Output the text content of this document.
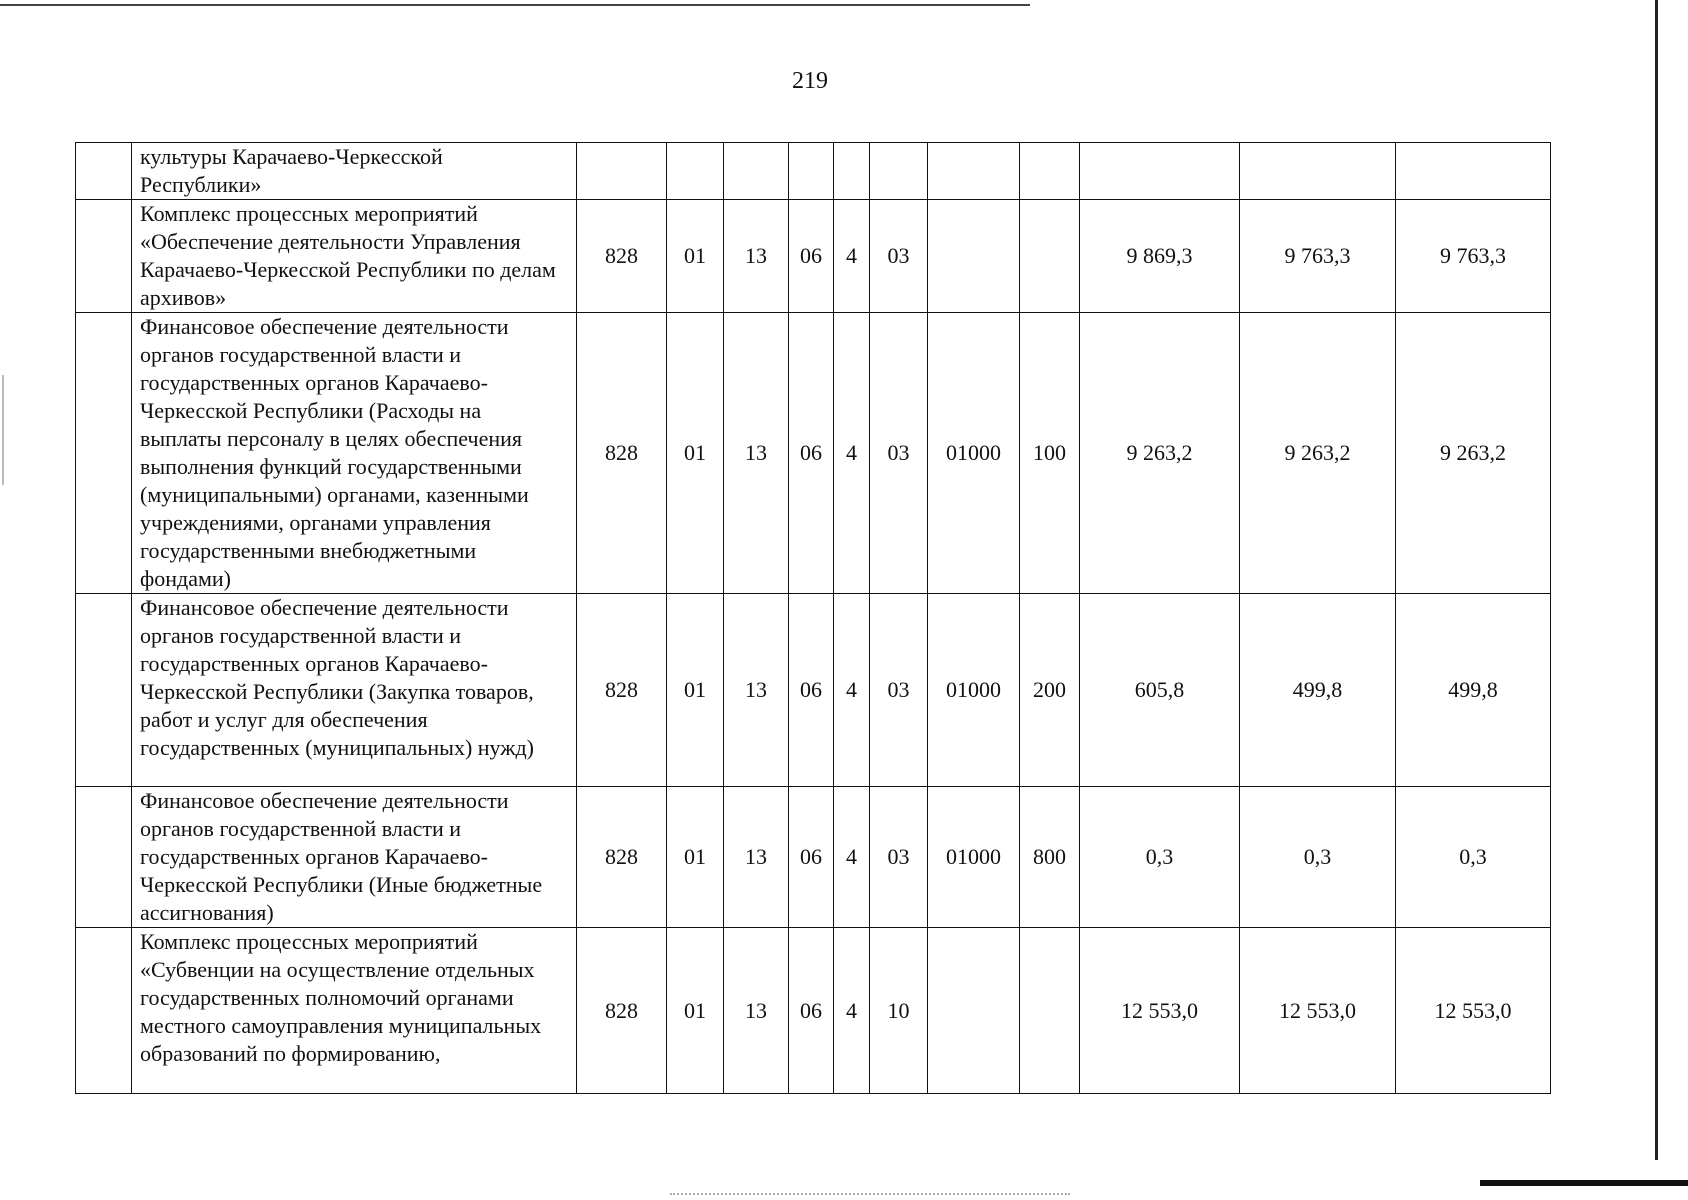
219
	культуры Карачаево-Черкесской Республики»											
	Комплекс процессных мероприятий «Обеспечение деятельности Управления Карачаево-Черкесской Республики по делам архивов»	828	01	13	06	4	03			9 869,3	9 763,3	9 763,3
	Финансовое обеспечение деятельности органов государственной власти и государственных органов Карачаево-Черкесской Республики (Расходы на выплаты персоналу в целях обеспечения выполнения функций государственными (муниципальными) органами, казенными учреждениями, органами управления государственными внебюджетными фондами)	828	01	13	06	4	03	01000	100	9 263,2	9 263,2	9 263,2
	Финансовое обеспечение деятельности органов государственной власти и государственных органов Карачаево-Черкесской Республики (Закупка товаров, работ и услуг для обеспечения государственных (муниципальных) нужд)	828	01	13	06	4	03	01000	200	605,8	499,8	499,8
	Финансовое обеспечение деятельности органов государственной власти и государственных органов Карачаево-Черкесской Республики (Иные бюджетные ассигнования)	828	01	13	06	4	03	01000	800	0,3	0,3	0,3
	Комплекс процессных мероприятий «Субвенции на осуществление отдельных государственных полномочий органами местного самоуправления муниципальных образований по формированию,	828	01	13	06	4	10			12 553,0	12 553,0	12 553,0
